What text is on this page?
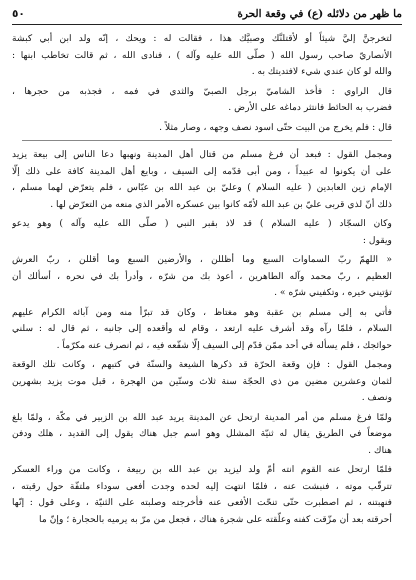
ما ظهر من دلائله (ع) في وقعة الحرة
٥٠
لتخرجنَّ إليَّ شيئاً أو لأقتلنَّك وصبيَّك هذا ، فقالت له : ويحك ، إنّه ولد ابن أبي كبشة
الأنصاريّ صاحب رسول الله ( صلّى الله عليه وآله ) ، فنادى الله ، ثم قالت تخاطب ابنها :
والله لو كان عندي شيء لافتديتك به .
قال الراوي : فأخذ الشاميّ برجل الصبيّ والثدي في فمه ، فجذبه من حجرها ،
فضرب به الحائط فانتثر دماغه على الأرض .
قال : فلم يخرج من البيت حتّى اسود نصف وجهه ، وصار مثلاً .
ومجمل القول : فبعد أن فرغ مسلم من قتال أهل المدينة ونهبها دعا الناس إلى بيعة يزيد
على أن يكونوا له عبيداً ، ومن أبى قدّمه إلى السيف ، وبايع أهل المدينة كافة على ذلك إلّا
الإمام زين العابدين ( عليه السلام ) وعليّ بن عبد الله بن عبّاس ، فلم يتعرّض لهما مسلم ،
ذلك أنّ لذي قربى عليّ بن عبد الله لأمّه كانوا بين عسكره الأمر الذي منعه من التعرّض لها .
وكان السجّاد ( عليه السلام ) قد لاذ بقبر النبي ( صلّى الله عليه وآله ) وهو يدعو
ويقول :
« اللهمّ ربّ السماوات السبع وما أظللن ، والأرضين السبع وما أقللن ، ربّ العرش
العظيم ، ربّ محمد وآله الطاهرين ، أعوذ بك من شرّه ، وأدرأ بك في نحره ، أسألك أن
تؤتيني خيره ، وتكفيني شرّه » .
فأتي به إلى مسلم بن عقبة وهو مغتاظ ، وكان قد تبرّأ منه ومن آبائه الكرام عليهم
السلام ، فلمّا رآه وقد أشرف عليه ارتعد ، وقام له وأقعده إلى جانبه ، ثم قال له : سلني
حوائجك ، فلم يسأله في أحد ممّن قدّم إلى السيف إلّا شفّعه فيه ، ثم انصرف عنه مكرّماً .
ومجمل القول : فإن وقعة الحرّة قد ذكرها الشيعة والسنّة في كتبهم ، وكانت تلك الوقعة
لثمان وعشرين مضين من ذي الحجّة سنة ثلاث وستّين من الهجرة ، قبل موت يزيد بشهرين
ونصف .
ولمّا فرغ مسلم من أمر المدينة ارتحل عن المدينة يريد عبد الله بن الزبير في مكّة ، ولمّا بلغ
موضعاً في الطريق يقال له ثنيّة المشلل وهو اسم جبل هناك يقول إلى القديد ، هلك ودفن
هناك .
فلمّا ارتحل عنه القوم انته أمّ ولد ليزيد بن عبد الله بن ربيعة ، وكانت من وراء العسكر
تترقّب موته ، فنبشت عنه ، فلمّا انتهت إليه لحده وجدت أفعى سوداء ملتفّة حول رقبته ،
فنهبتنه ، ثم اصطبرت حتّى تنحّت الأفعى عنه فأخرجته وصلبته على الثنيّة ، وعلى قول : إنّها
أحرقته بعد أن مزّقت كفنه وعلّقته على شجرة هناك ، فجعل من مرّ به يرميه بالحجارة ؛ وإنّ ما
